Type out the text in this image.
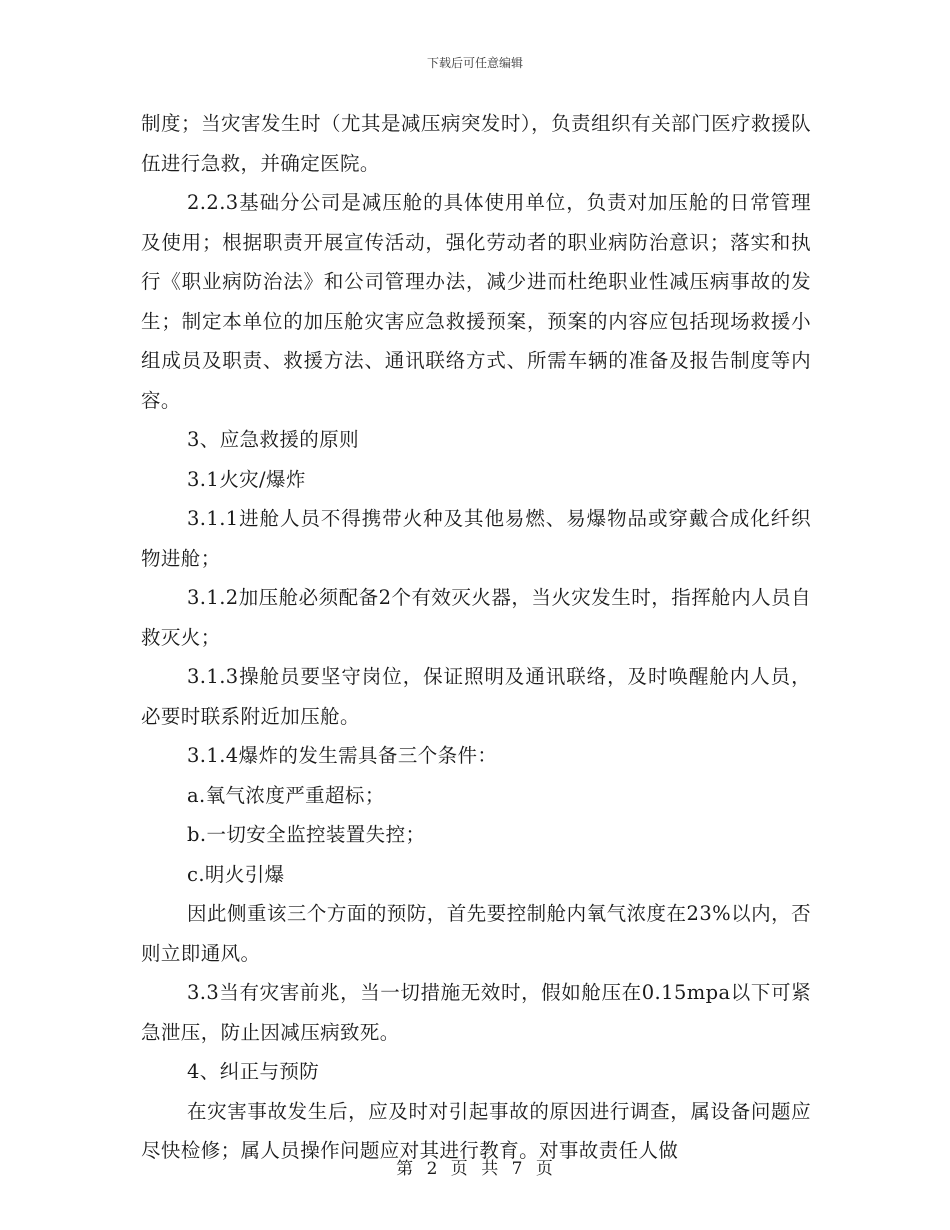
下载后可任意编辑

制度；当灾害发生时（尤其是减压病突发时），负责组织有关部门医疗救援队伍进行急救，并确定医院。

2.2.3基础分公司是减压舱的具体使用单位，负责对加压舱的日常管理及使用；根据职责开展宣传活动，强化劳动者的职业病防治意识；落实和执行《职业病防治法》和公司管理办法，减少进而杜绝职业性减压病事故的发生；制定本单位的加压舱灾害应急救援预案，预案的内容应包括现场救援小组成员及职责、救援方法、通讯联络方式、所需车辆的准备及报告制度等内容。

3、应急救援的原则

3.1火灾/爆炸

3.1.1进舱人员不得携带火种及其他易燃、易爆物品或穿戴合成化纤织物进舱；

3.1.2加压舱必须配备2个有效灭火器，当火灾发生时，指挥舱内人员自救灭火；

3.1.3操舱员要坚守岗位，保证照明及通讯联络，及时唤醒舱内人员，必要时联系附近加压舱。

3.1.4爆炸的发生需具备三个条件：

a.氧气浓度严重超标；

b.一切安全监控装置失控；

c.明火引爆

因此侧重该三个方面的预防，首先要控制舱内氧气浓度在23%以内，否则立即通风。

3.3当有灾害前兆，当一切措施无效时，假如舱压在0.15mpa以下可紧急泄压，防止因减压病致死。

4、纠正与预防

在灾害事故发生后，应及时对引起事故的原因进行调查，属设备问题应尽快检修；属人员操作问题应对其进行教育。对事故责任人做

第 2 页 共 7 页
